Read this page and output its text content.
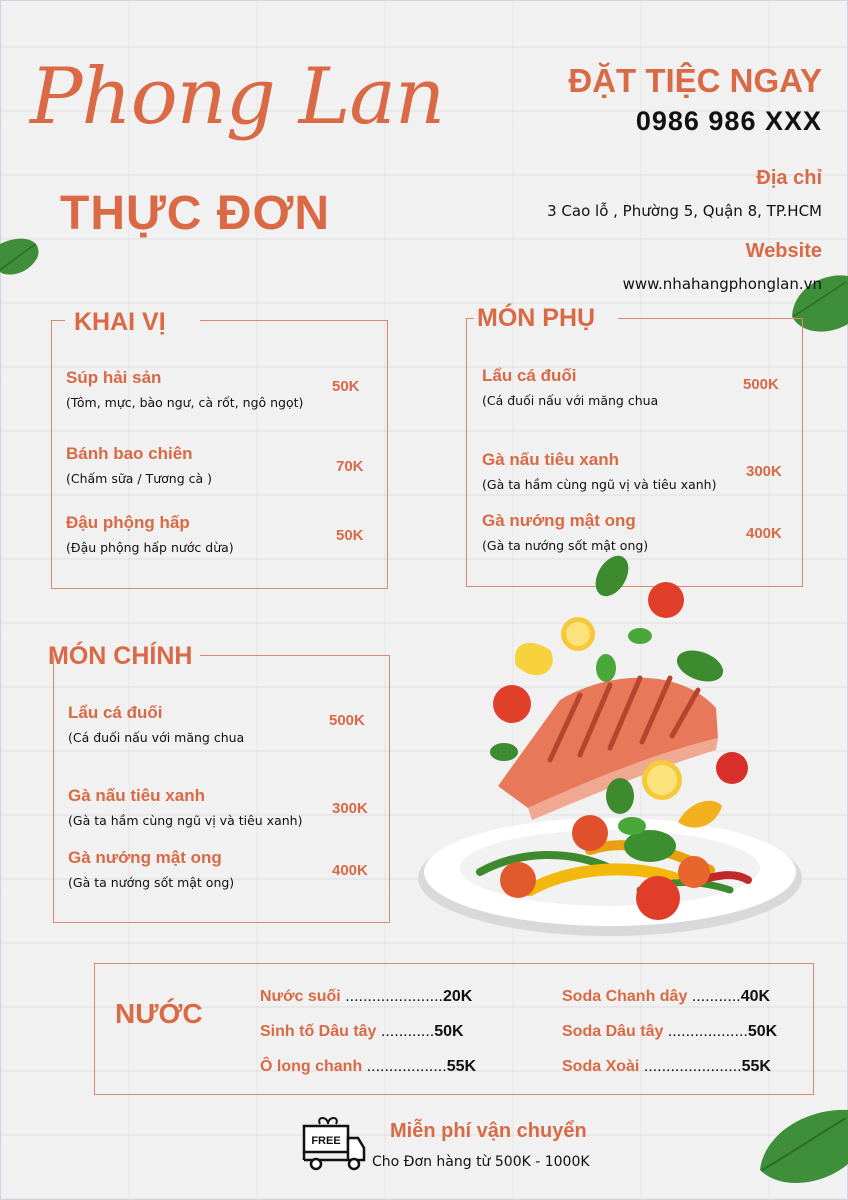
Phong Lan
THỰC ĐƠN
ĐẶT TIỆC NGAY
0986 986 XXX
Địa chỉ
3 Cao lỗ , Phường 5, Quận 8, TP.HCM
Website
www.nhahangphonglan.vn
KHAI VỊ
Súp hải sản
(Tôm, mực, bào ngư, cà rốt, ngô ngọt)
50K
Bánh bao chiên
(Chấm sữa / Tương cà )
70K
Đậu phộng hấp
(Đậu phộng hấp nước dừa)
50K
MÓN PHỤ
Lẩu cá đuối
(Cá đuối nấu với măng chua
500K
Gà nấu tiêu xanh
(Gà ta hầm cùng ngũ vị và tiêu xanh)
300K
Gà nướng mật ong
(Gà ta nướng sốt mật ong)
400K
MÓN CHÍNH
Lẩu cá đuối
(Cá đuối nấu với măng chua
500K
Gà nấu tiêu xanh
(Gà ta hầm cùng ngũ vị và tiêu xanh)
300K
Gà nướng mật ong
(Gà ta nướng sốt mật ong)
400K
NƯỚC
Nước suối ......................20K
Sinh tố Dâu tây ............50K
Ô long chanh ..................55K
Soda Chanh dây ...........40K
Soda Dâu tây ..................50K
Soda Xoài ......................55K
FREE Miễn phí vận chuyển
Cho Đơn hàng từ 500K - 1000K
